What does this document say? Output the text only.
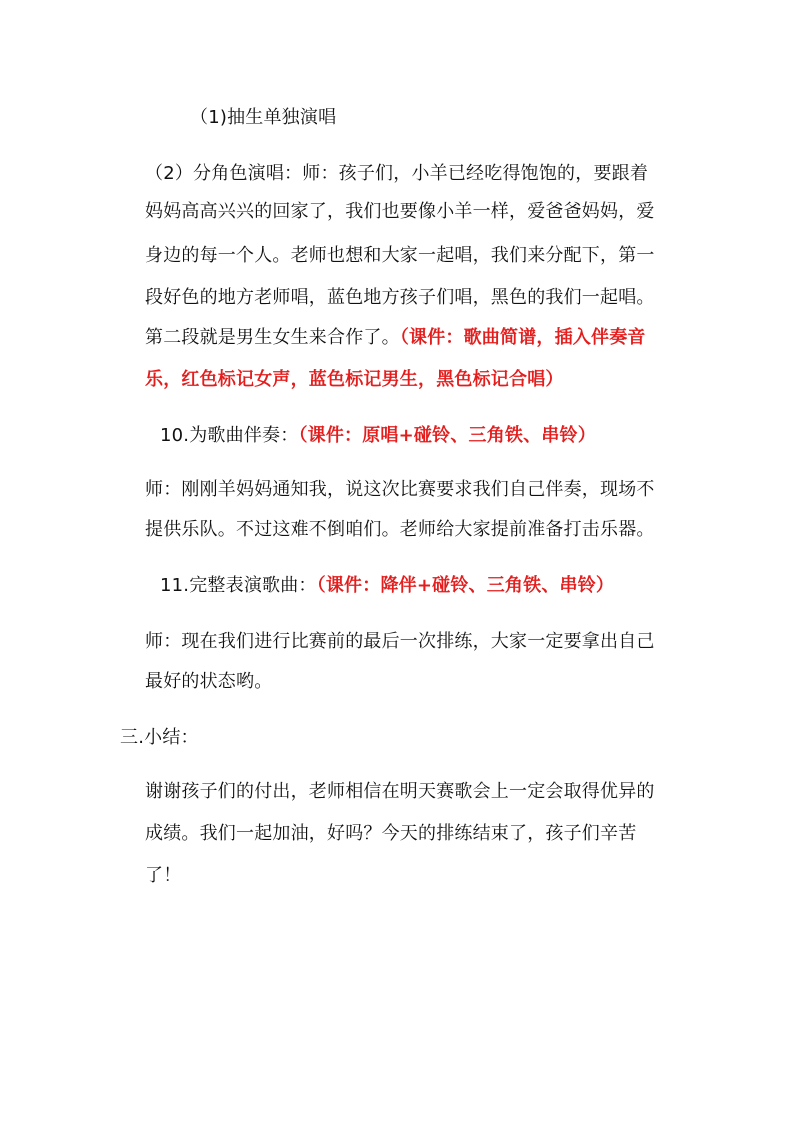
（1)抽生单独演唱
（2）分角色演唱：师：孩子们，小羊已经吃得饱饱的，要跟着
妈妈高高兴兴的回家了，我们也要像小羊一样，爱爸爸妈妈，爱
身边的每一个人。老师也想和大家一起唱，我们来分配下，第一
段好色的地方老师唱，蓝色地方孩子们唱，黑色的我们一起唱。
第二段就是男生女生来合作了。（课件：歌曲简谱，插入伴奏音
乐，红色标记女声，蓝色标记男生，黑色标记合唱）
10.为歌曲伴奏：（课件：原唱+碰铃、三角铁、串铃）
师：刚刚羊妈妈通知我，说这次比赛要求我们自己伴奏，现场不
提供乐队。不过这难不倒咱们。老师给大家提前准备打击乐器。
11.完整表演歌曲：（课件：降伴+碰铃、三角铁、串铃）
师：现在我们进行比赛前的最后一次排练，大家一定要拿出自己
最好的状态哟。
三.小结：
谢谢孩子们的付出，老师相信在明天赛歌会上一定会取得优异的
成绩。我们一起加油，好吗？今天的排练结束了，孩子们辛苦
了！
